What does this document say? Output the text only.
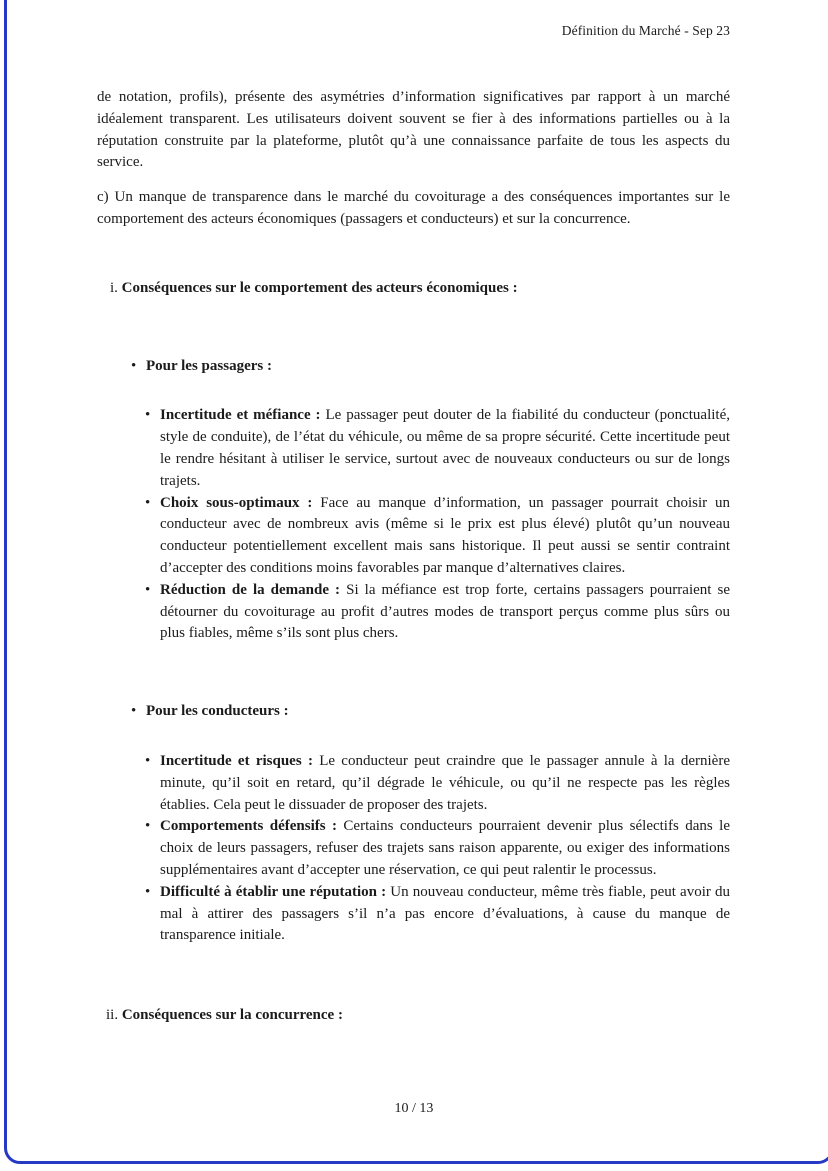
Définition du Marché - Sep 23

de notation, profils), présente des asymétries d’information significatives par rapport à un marché idéalement transparent. Les utilisateurs doivent souvent se fier à des informations partielles ou à la réputation construite par la plateforme, plutôt qu’à une connaissance parfaite de tous les aspects du service.

c) Un manque de transparence dans le marché du covoiturage a des conséquences importantes sur le comportement des acteurs économiques (passagers et conducteurs) et sur la concurrence.

i. Conséquences sur le comportement des acteurs économiques :
• Pour les passagers :
• Incertitude et méfiance : Le passager peut douter de la fiabilité du conducteur (ponctualité, style de conduite), de l’état du véhicule, ou même de sa propre sécurité. Cette incertitude peut le rendre hésitant à utiliser le service, surtout avec de nouveaux conducteurs ou sur de longs trajets.
• Choix sous-optimaux : Face au manque d’information, un passager pourrait choisir un conducteur avec de nombreux avis (même si le prix est plus élevé) plutôt qu’un nouveau conducteur potentiellement excellent mais sans historique. Il peut aussi se sentir contraint d’accepter des conditions moins favorables par manque d’alternatives claires.
• Réduction de la demande : Si la méfiance est trop forte, certains passagers pourraient se détourner du covoiturage au profit d’autres modes de transport perçus comme plus sûrs ou plus fiables, même s’ils sont plus chers.
• Pour les conducteurs :
• Incertitude et risques : Le conducteur peut craindre que le passager annule à la dernière minute, qu’il soit en retard, qu’il dégrade le véhicule, ou qu’il ne respecte pas les règles établies. Cela peut le dissuader de proposer des trajets.
• Comportements défensifs : Certains conducteurs pourraient devenir plus sélectifs dans le choix de leurs passagers, refuser des trajets sans raison apparente, ou exiger des informations supplémentaires avant d’accepter une réservation, ce qui peut ralentir le processus.
• Difficulté à établir une réputation : Un nouveau conducteur, même très fiable, peut avoir du mal à attirer des passagers s’il n’a pas encore d’évaluations, à cause du manque de transparence initiale.
ii. Conséquences sur la concurrence :
10 / 13
